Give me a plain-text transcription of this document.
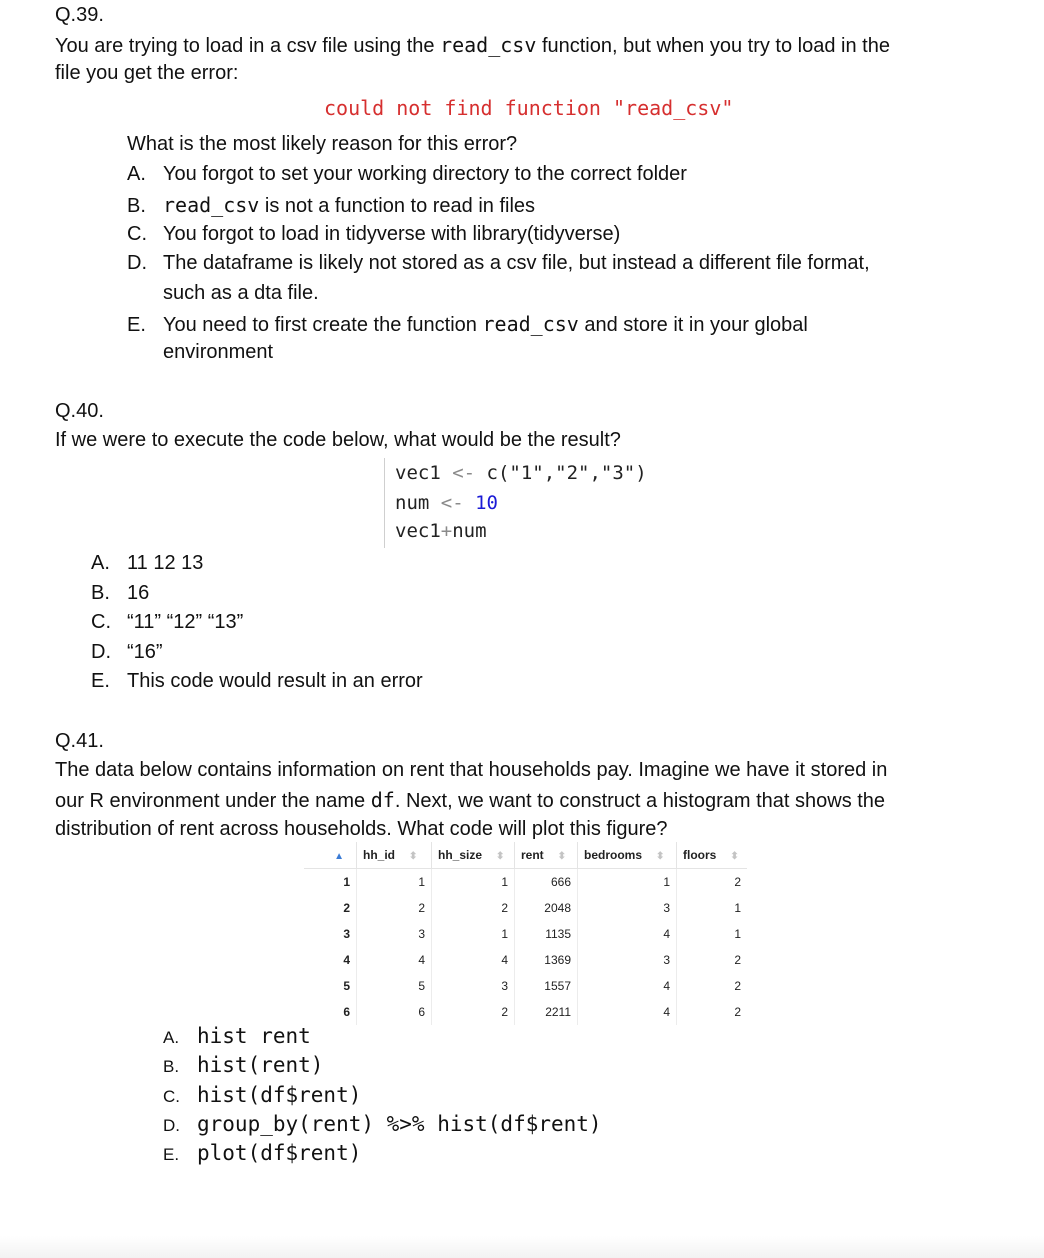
Q.39.
You are trying to load in a csv file using the read_csv function, but when you try to load in the
file you get the error:
could not find function "read_csv"
What is the most likely reason for this error?
A. You forgot to set your working directory to the correct folder
B. read_csv is not a function to read in files
C. You forgot to load in tidyverse with library(tidyverse)
D. The dataframe is likely not stored as a csv file, but instead a different file format,
such as a dta file.
E. You need to first create the function read_csv and store it in your global
environment
Q.40.
If we were to execute the code below, what would be the result?
vec1 <- c("1","2","3")
num <- 10
vec1+num
A. 11 12 13
B. 16
C. “11” “12” “13”
D. “16”
E. This code would result in an error
Q.41.
The data below contains information on rent that households pay. Imagine we have it stored in
our R environment under the name df. Next, we want to construct a histogram that shows the
distribution of rent across households. What code will plot this figure?
▲	hh_id ⬍	hh_size ⬍	rent ⬍	bedrooms ⬍	floors ⬍
1	1	1	666	1	2
2	2	2	2048	3	1
3	3	1	1135	4	1
4	4	4	1369	3	2
5	5	3	1557	4	2
6	6	2	2211	4	2
A. hist rent
B. hist(rent)
C. hist(df$rent)
D. group_by(rent) %>% hist(df$rent)
E. plot(df$rent)
